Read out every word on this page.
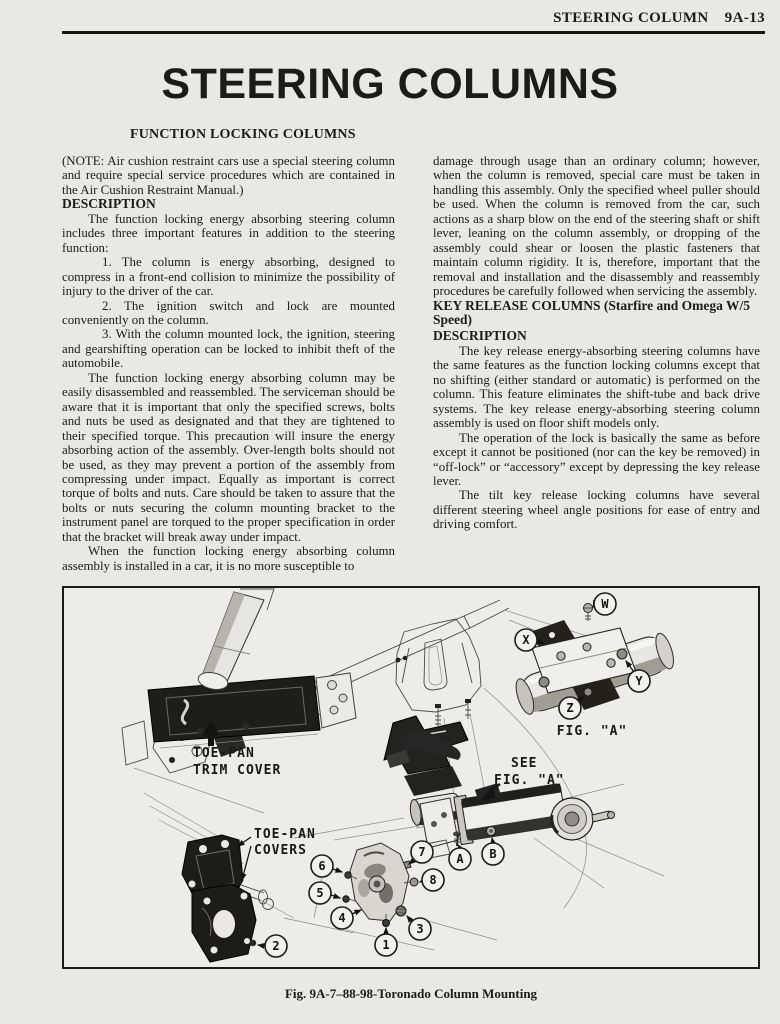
STEERING COLUMN 9A-13
STEERING COLUMNS
FUNCTION LOCKING COLUMNS

(NOTE: Air cushion restraint cars use a special steering column and require special service procedures which are contained in the Air Cushion Restraint Manual.)

DESCRIPTION

The function locking energy absorbing steering column includes three important features in addition to the steering function:

1. The column is energy absorbing, designed to compress in a front-end collision to minimize the possibility of injury to the driver of the car.

2. The ignition switch and lock are mounted conveniently on the column.

3. With the column mounted lock, the ignition, steering and gearshifting operation can be locked to inhibit theft of the automobile.

The function locking energy absorbing column may be easily disassembled and reassembled. The serviceman should be aware that it is important that only the specified screws, bolts and nuts be used as designated and that they are tightened to their specified torque. This precaution will insure the energy absorbing action of the assembly. Over-length bolts should not be used, as they may prevent a portion of the assembly from compressing under impact. Equally as important is correct torque of bolts and nuts. Care should be taken to assure that the bolts or nuts securing the column mounting bracket to the instrument panel are torqued to the proper specification in order that the bracket will break away under impact.

When the function locking energy absorbing column assembly is installed in a car, it is no more susceptible to

damage through usage than an ordinary column; however, when the column is removed, special care must be taken in handling this assembly. Only the specified wheel puller should be used. When the column is removed from the car, such actions as a sharp blow on the end of the steering shaft or shift lever, leaning on the column assembly, or dropping of the assembly could shear or loosen the plastic fasteners that maintain column rigidity. It is, therefore, important that the removal and installation and the disassembly and reassembly procedures be carefully followed when servicing the assembly.

KEY RELEASE COLUMNS (Starfire and Omega W/5 Speed)

DESCRIPTION

The key release energy-absorbing steering columns have the same features as the function locking columns except that no shifting (either standard or automatic) is performed on the column. This feature eliminates the shift-tube and back drive systems. The key release energy-absorbing steering column assembly is used on floor shift models only.

The operation of the lock is basically the same as before except it cannot be positioned (nor can the key be removed) in “off-lock” or “accessory” except by depressing the key release lever.

The tilt key release locking columns have several different steering wheel angle positions for ease of entry and driving comfort.

TOE-PAN
TRIM COVER
TOE-PAN
COVERS
SEE
FIG. "A"
FIG. "A"
W
X
Y
Z
A B
1
2
3
4
5
6
7
8
Fig. 9A-7–88-98-Toronado Column Mounting
